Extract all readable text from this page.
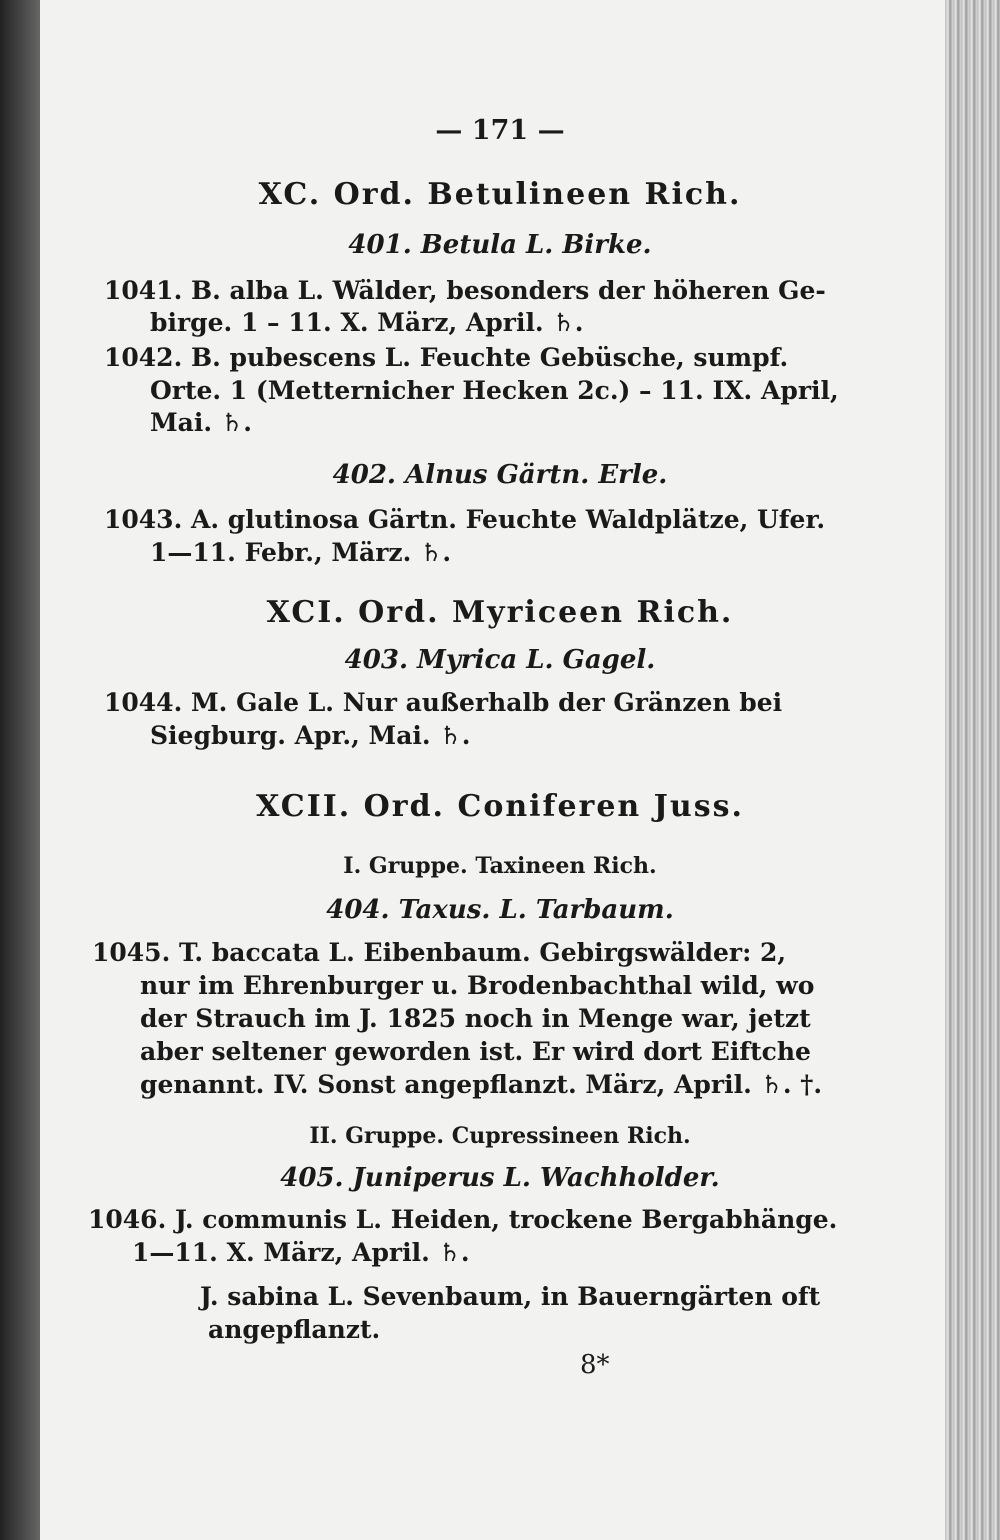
— 171 —
XC. Ord. Betulineen Rich.
401. Betula L. Birke.
1041. B. alba L. Wälder, besonders der höheren Ge-
birge. 1 – 11. X. März, April. ♄.
1042. B. pubescens L. Feuchte Gebüsche, sumpf.
Orte. 1 (Metternicher Hecken 2c.) – 11. IX. April,
Mai. ♄.
402. Alnus Gärtn. Erle.
1043. A. glutinosa Gärtn. Feuchte Waldplätze, Ufer.
1—11. Febr., März. ♄.
XCI. Ord. Myriceen Rich.
403. Myrica L. Gagel.
1044. M. Gale L. Nur außerhalb der Gränzen bei
Siegburg. Apr., Mai. ♄.
XCII. Ord. Coniferen Juss.
I. Gruppe. Taxineen Rich.
404. Taxus. L. Tarbaum.
1045. T. baccata L. Eibenbaum. Gebirgswälder: 2,
nur im Ehrenburger u. Brodenbachthal wild, wo
der Strauch im J. 1825 noch in Menge war, jetzt
aber seltener geworden ist. Er wird dort Eiftche
genannt. IV. Sonst angepflanzt. März, April. ♄. †.
II. Gruppe. Cupressineen Rich.
405. Juniperus L. Wachholder.
1046. J. communis L. Heiden, trockene Bergabhänge.
1—11. X. März, April. ♄.
J. sabina L. Sevenbaum, in Bauerngärten oft
angepflanzt.
8*
